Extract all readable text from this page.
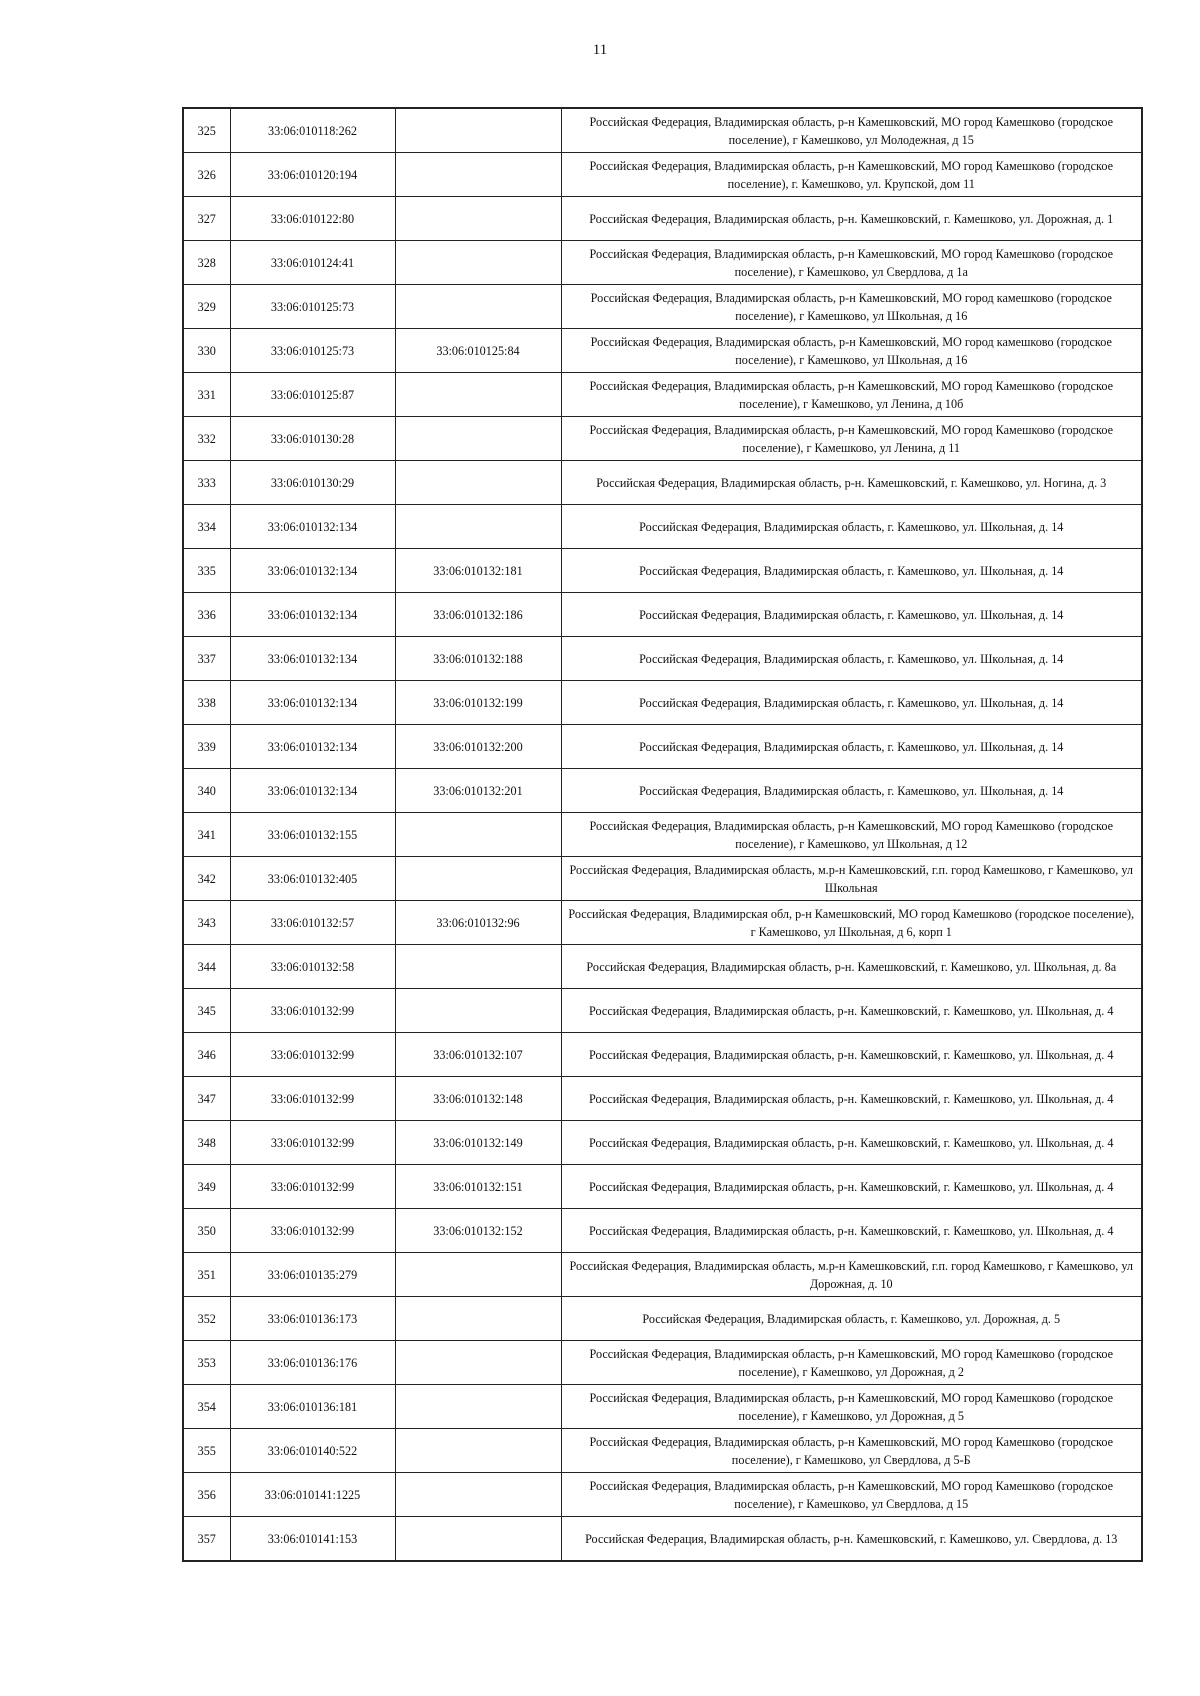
11
325	33:06:010118:262		Российская Федерация, Владимирская область, р-н Камешковский, МО город Камешково (городское поселение), г Камешково, ул Молодежная, д 15
326	33:06:010120:194		Российская Федерация, Владимирская область, р-н Камешковский, МО город Камешково (городское поселение), г. Камешково, ул. Крупской, дом 11
327	33:06:010122:80		Российская Федерация, Владимирская область, р-н. Камешковский, г. Камешково, ул. Дорожная, д. 1
328	33:06:010124:41		Российская Федерация, Владимирская область, р-н Камешковский, МО город Камешково (городское поселение), г Камешково, ул Свердлова, д 1а
329	33:06:010125:73		Российская Федерация, Владимирская область, р-н Камешковский, МО город камешково (городское поселение), г Камешково, ул Школьная, д 16
330	33:06:010125:73	33:06:010125:84	Российская Федерация, Владимирская область, р-н Камешковский, МО город камешково (городское поселение), г Камешково, ул Школьная, д 16
331	33:06:010125:87		Российская Федерация, Владимирская область, р-н Камешковский, МО город Камешково (городское поселение), г Камешково, ул Ленина, д 10б
332	33:06:010130:28		Российская Федерация, Владимирская область, р-н Камешковский, МО город Камешково (городское поселение), г Камешково, ул Ленина, д 11
333	33:06:010130:29		Российская Федерация, Владимирская область, р-н. Камешковский, г. Камешково, ул. Ногина, д. 3
334	33:06:010132:134		Российская Федерация, Владимирская область, г. Камешково, ул. Школьная, д. 14
335	33:06:010132:134	33:06:010132:181	Российская Федерация, Владимирская область, г. Камешково, ул. Школьная, д. 14
336	33:06:010132:134	33:06:010132:186	Российская Федерация, Владимирская область, г. Камешково, ул. Школьная, д. 14
337	33:06:010132:134	33:06:010132:188	Российская Федерация, Владимирская область, г. Камешково, ул. Школьная, д. 14
338	33:06:010132:134	33:06:010132:199	Российская Федерация, Владимирская область, г. Камешково, ул. Школьная, д. 14
339	33:06:010132:134	33:06:010132:200	Российская Федерация, Владимирская область, г. Камешково, ул. Школьная, д. 14
340	33:06:010132:134	33:06:010132:201	Российская Федерация, Владимирская область, г. Камешково, ул. Школьная, д. 14
341	33:06:010132:155		Российская Федерация, Владимирская область, р-н Камешковский, МО город Камешково (городское поселение), г Камешково, ул Школьная, д 12
342	33:06:010132:405		Российская Федерация, Владимирская область, м.р-н Камешковский, г.п. город Камешково, г Камешково, ул Школьная
343	33:06:010132:57	33:06:010132:96	Российская Федерация, Владимирская обл, р-н Камешковский, МО город Камешково (городское поселение), г Камешково, ул Школьная, д 6, корп 1
344	33:06:010132:58		Российская Федерация, Владимирская область, р-н. Камешковский, г. Камешково, ул. Школьная, д. 8а
345	33:06:010132:99		Российская Федерация, Владимирская область, р-н. Камешковский, г. Камешково, ул. Школьная, д. 4
346	33:06:010132:99	33:06:010132:107	Российская Федерация, Владимирская область, р-н. Камешковский, г. Камешково, ул. Школьная, д. 4
347	33:06:010132:99	33:06:010132:148	Российская Федерация, Владимирская область, р-н. Камешковский, г. Камешково, ул. Школьная, д. 4
348	33:06:010132:99	33:06:010132:149	Российская Федерация, Владимирская область, р-н. Камешковский, г. Камешково, ул. Школьная, д. 4
349	33:06:010132:99	33:06:010132:151	Российская Федерация, Владимирская область, р-н. Камешковский, г. Камешково, ул. Школьная, д. 4
350	33:06:010132:99	33:06:010132:152	Российская Федерация, Владимирская область, р-н. Камешковский, г. Камешково, ул. Школьная, д. 4
351	33:06:010135:279		Российская Федерация, Владимирская область, м.р-н Камешковский, г.п. город Камешково, г Камешково, ул Дорожная, д. 10
352	33:06:010136:173		Российская Федерация, Владимирская область, г. Камешково, ул. Дорожная, д. 5
353	33:06:010136:176		Российская Федерация, Владимирская область, р-н Камешковский, МО город Камешково (городское поселение), г Камешково, ул Дорожная, д 2
354	33:06:010136:181		Российская Федерация, Владимирская область, р-н Камешковский, МО город Камешково (городское поселение), г Камешково, ул Дорожная, д 5
355	33:06:010140:522		Российская Федерация, Владимирская область, р-н Камешковский, МО город Камешково (городское поселение), г Камешково, ул Свердлова, д 5-Б
356	33:06:010141:1225		Российская Федерация, Владимирская область, р-н Камешковский, МО город Камешково (городское поселение), г Камешково, ул Свердлова, д 15
357	33:06:010141:153		Российская Федерация, Владимирская область, р-н. Камешковский, г. Камешково, ул. Свердлова, д. 13
